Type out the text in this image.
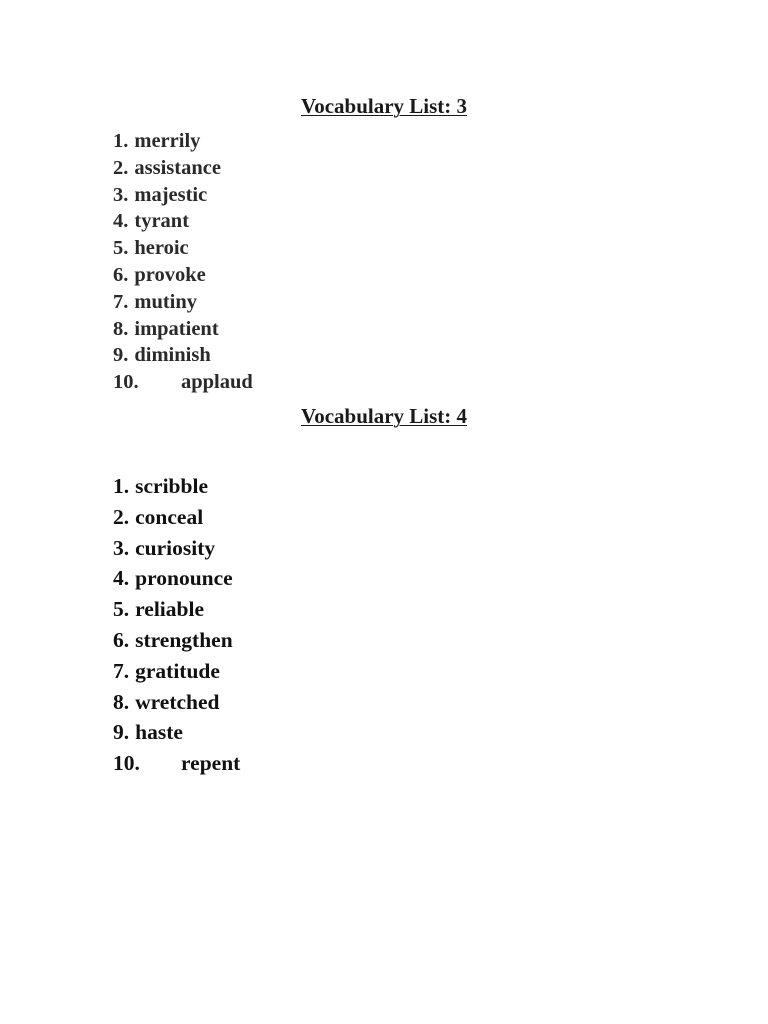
Vocabulary List: 3
1. merrily
2. assistance
3. majestic
4. tyrant
5. heroic
6. provoke
7. mutiny
8. impatient
9. diminish
10. applaud
Vocabulary List: 4
1. scribble
2. conceal
3. curiosity
4. pronounce
5. reliable
6. strengthen
7. gratitude
8. wretched
9. haste
10. repent
